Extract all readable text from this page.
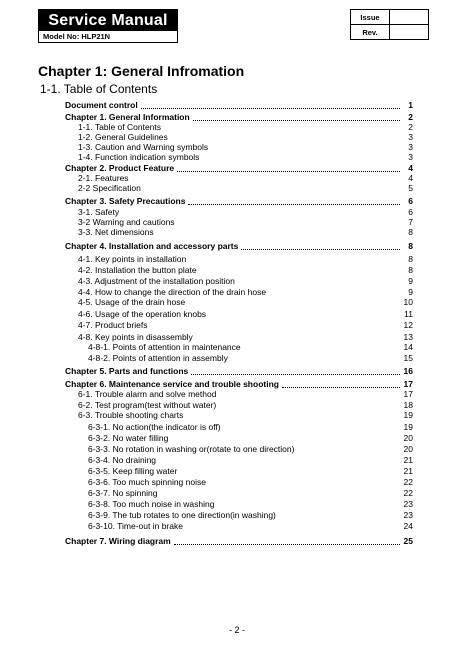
Service Manual
Model No: HLP21N
Issue	
Rev.	
Chapter 1: General Infromation
1-1. Table of Contents
Document control	1
Chapter 1. General Information	2
1-1. Table of Contents	2
1-2. General Guidelines	3
1-3. Caution and Warning symbols	3
1-4. Function indication symbols	3
Chapter 2. Product Feature	4
2-1. Features	4
2-2 Specification	5
Chapter 3. Safety Precautions	6
3-1. Safety	6
3-2 Warning and cautions	7
3-3. Net dimensions	8
Chapter 4. Installation and accessory parts	8
4-1. Key points in installation	8
4-2. Installation the button plate	8
4-3. Adjustment of the installation position	9
4-4. How to change the direction of the drain hose	9
4-5. Usage of the drain hose	10
4-6. Usage of the operation knobs	11
4-7. Product briefs	12
4-8. Key points in disassembly	13
4-8-1. Points of attention in maintenance	14
4-8-2. Points of attention in assembly	15
Chapter 5. Parts and functions	16
Chapter 6. Maintenance service and trouble shooting	17
6-1. Trouble alarm and solve method	17
6-2. Test program(test without water)	18
6-3. Trouble shooting charts	19
6-3-1. No action(the indicator is off)	19
6-3-2. No water filling	20
6-3-3. No rotation in washing or(rotate to one direction)	20
6-3-4. No draining	21
6-3-5. Keep filling water	21
6-3-6. Too much spinning noise	22
6-3-7. No spinning	22
6-3-8. Too much noise in washing	23
6-3-9. The tub rotates to one direction(in washing)	23
6-3-10. Time-out in brake	24
Chapter 7. Wiring diagram	25
- 2 -
